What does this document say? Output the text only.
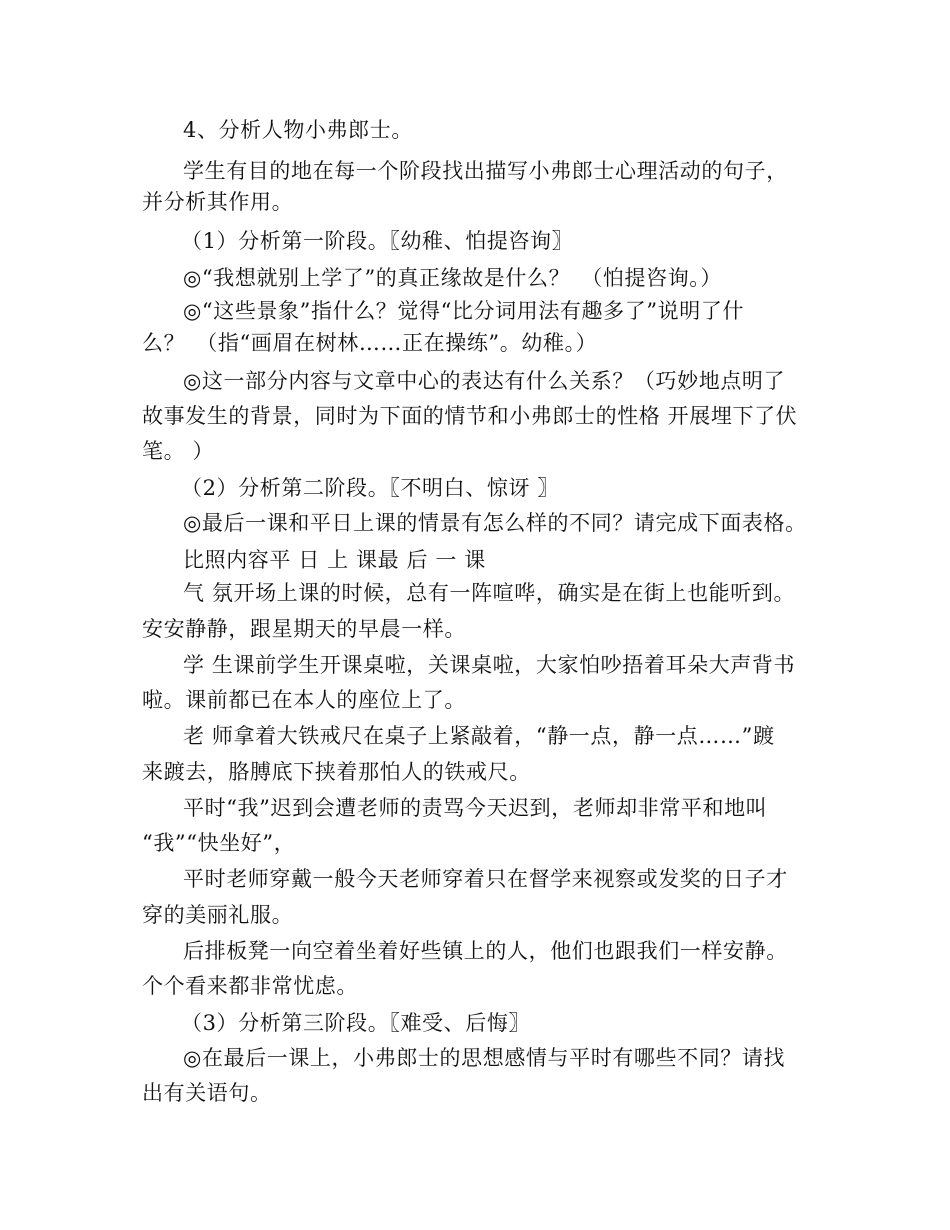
4、分析人物小弗郎士。
学生有目的地在每一个阶段找出描写小弗郎士心理活动的句子，
并分析其作用。
（1）分析第一阶段。〖幼稚、怕提咨询〗
◎“我想就别上学了”的真正缘故是什么？　（怕提咨询。）
◎“这些景象”指什么？觉得“比分词用法有趣多了”说明了什
么？　（指“画眉在树林……正在操练”。幼稚。）
◎这一部分内容与文章中心的表达有什么关系？（巧妙地点明了
故事发生的背景，同时为下面的情节和小弗郎士的性格 开展埋下了伏
笔。 ）
（2）分析第二阶段。〖不明白、惊讶 〗
◎最后一课和平日上课的情景有怎么样的不同？请完成下面表格。
比照内容平 日 上 课最 后 一 课
气 氛开场上课的时候，总有一阵喧哗，确实是在街上也能听到。
安安静静，跟星期天的早晨一样。
学 生课前学生开课桌啦，关课桌啦，大家怕吵捂着耳朵大声背书
啦。课前都已在本人的座位上了。
老 师拿着大铁戒尺在桌子上紧敲着，“静一点，静一点……”踱
来踱去，胳膊底下挟着那怕人的铁戒尺。
平时“我”迟到会遭老师的责骂今天迟到，老师却非常平和地叫
“我”“快坐好”，
平时老师穿戴一般今天老师穿着只在督学来视察或发奖的日子才
穿的美丽礼服。
后排板凳一向空着坐着好些镇上的人，他们也跟我们一样安静。
个个看来都非常忧虑。
（3）分析第三阶段。〖难受、后悔〗
◎在最后一课上，小弗郎士的思想感情与平时有哪些不同？请找
出有关语句。
